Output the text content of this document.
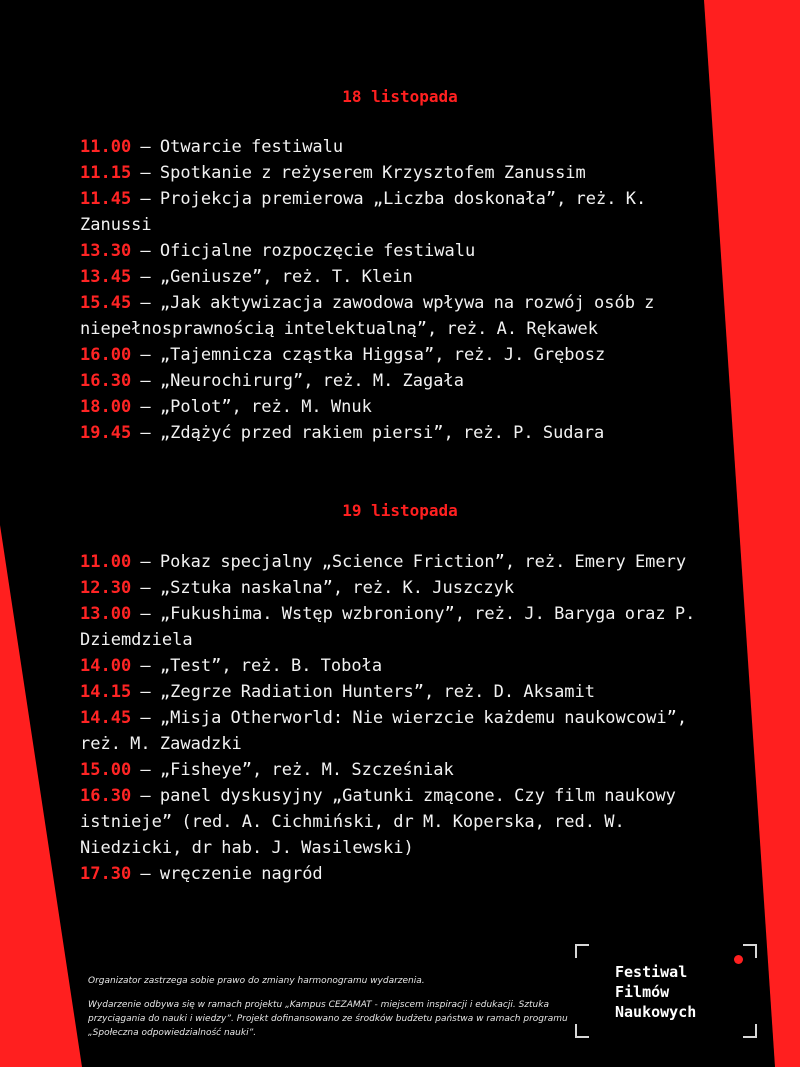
18 listopada
11.00 – Otwarcie festiwalu
11.15 – Spotkanie z reżyserem Krzysztofem Zanussim
11.45 – Projekcja premierowa „Liczba doskonała”, reż. K. Zanussi
13.30 – Oficjalne rozpoczęcie festiwalu
13.45 – „Geniusze”, reż. T. Klein
15.45 – „Jak aktywizacja zawodowa wpływa na rozwój osób z niepełnosprawnością intelektualną”, reż. A. Rękawek
16.00 – „Tajemnicza cząstka Higgsa”, reż. J. Grębosz
16.30 – „Neurochirurg”, reż. M. Zagała
18.00 – „Polot”, reż. M. Wnuk
19.45 – „Zdążyć przed rakiem piersi”, reż. P. Sudara
19 listopada
11.00 – Pokaz specjalny „Science Friction”, reż. Emery Emery
12.30 – „Sztuka naskalna”, reż. K. Juszczyk
13.00 – „Fukushima. Wstęp wzbroniony”, reż. J. Baryga oraz P. Dziemdziela
14.00 – „Test”, reż. B. Toboła
14.15 – „Zegrze Radiation Hunters”, reż. D. Aksamit
14.45 – „Misja Otherworld: Nie wierzcie każdemu naukowcowi”, reż. M. Zawadzki
15.00 – „Fisheye”, reż. M. Szcześniak
16.30 – panel dyskusyjny „Gatunki zmącone. Czy film naukowy istnieje” (red. A. Cichmiński, dr M. Koperska, red. W. Niedzicki, dr hab. J. Wasilewski)
17.30 – wręczenie nagród

Organizator zastrzega sobie prawo do zmiany harmonogramu wydarzenia.

Wydarzenie odbywa się w ramach projektu „Kampus CEZAMAT - miejscem inspiracji i edukacji. Sztuka przyciągania do nauki i wiedzy”. Projekt dofinansowano ze środków budżetu państwa w ramach programu „Społeczna odpowiedzialność nauki”.

Festiwal
Filmów
Naukowych
